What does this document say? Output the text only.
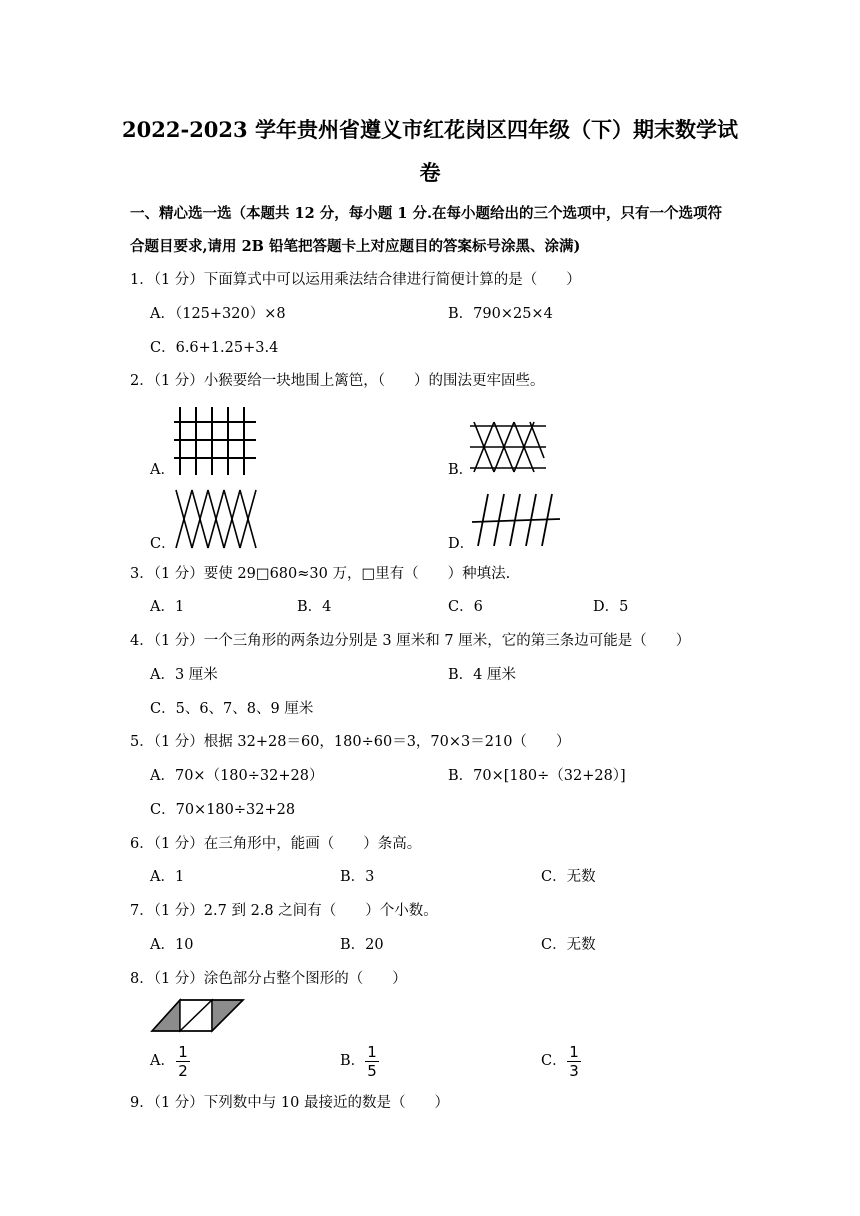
2022-2023 学年贵州省遵义市红花岗区四年级（下）期末数学试
卷
一、精心选一选（本题共 12 分，每小题 1 分.在每小题给出的三个选项中，只有一个选项符
合题目要求,请用 2B 铅笔把答题卡上对应题目的答案标号涂黑、涂满)
1．（1 分）下面算式中可以运用乘法结合律进行简便计算的是（　　）
A．（125+320）×8	B．790×25×4
C．6.6+1.25+3.4
2．（1 分）小猴要给一块地围上篱笆，（　　）的围法更牢固些。
A．	B．
C．	D．
3．（1 分）要使 29□680≈30 万，□里有（　　）种填法.
A．1	B．4	C．6	D．5
4．（1 分）一个三角形的两条边分别是 3 厘米和 7 厘米，它的第三条边可能是（　　）
A．3 厘米	B．4 厘米
C．5、6、7、8、9 厘米
5．（1 分）根据 32+28＝60，180÷60＝3，70×3＝210（　　）
A．70×（180÷32+28）	B．70×[180÷（32+28）]
C．70×180÷32+28
6．（1 分）在三角形中，能画（　　）条高。
A．1	B．3	C．无数
7．（1 分）2.7 到 2.8 之间有（　　）个小数。
A．10	B．20	C．无数
8．（1 分）涂色部分占整个图形的（　　）
A． 1
2
B． 1
5
C． 1
3
9．（1 分）下列数中与 10 最接近的数是（　　）
